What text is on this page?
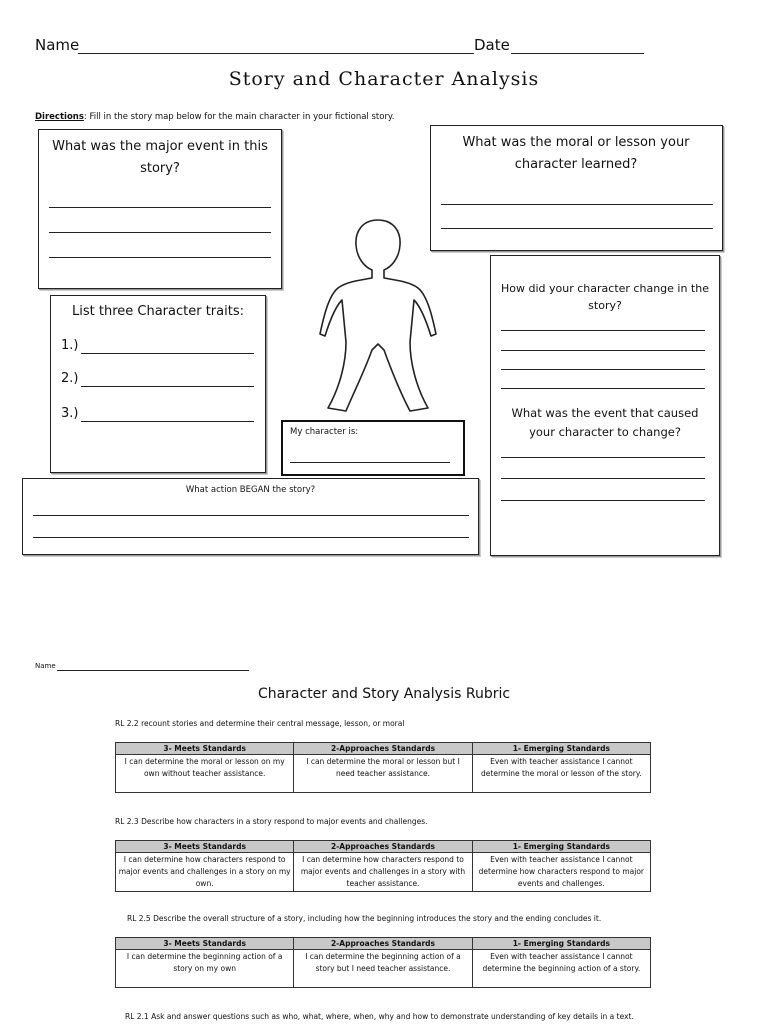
Name	Date
Story and Character Analysis
Directions: Fill in the story map below for the main character in your fictional story.
What was the major event in this story?
What was the moral or lesson your character learned?
List three Character traits:
1.)
2.)
3.)
My character is:
How did your character change in the story?
What was the event that caused your character to change?
What action BEGAN the story?
Name
Character and Story Analysis Rubric
RL 2.2 recount stories and determine their central message, lesson, or moral
3- Meets Standards	2-Approaches Standards	1- Emerging Standards
I can determine the moral or lesson on my own without teacher assistance.	I can determine the moral or lesson but I need teacher assistance.	Even with teacher assistance I cannot determine the moral or lesson of the story.
RL 2.3 Describe how characters in a story respond to major events and challenges.
3- Meets Standards	2-Approaches Standards	1- Emerging Standards
I can determine how characters respond to major events and challenges in a story on my own.	I can determine how characters respond to major events and challenges in a story with teacher assistance.	Even with teacher assistance I cannot determine how characters respond to major events and challenges.
RL 2.5 Describe the overall structure of a story, including how the beginning introduces the story and the ending concludes it.
3- Meets Standards	2-Approaches Standards	1- Emerging Standards
I can determine the beginning action of a story on my own	I can determine the beginning action of a story but I need teacher assistance.	Even with teacher assistance I cannot determine the beginning action of a story.
RL 2.1 Ask and answer questions such as who, what, where, when, why and how to demonstrate understanding of key details in a text.
